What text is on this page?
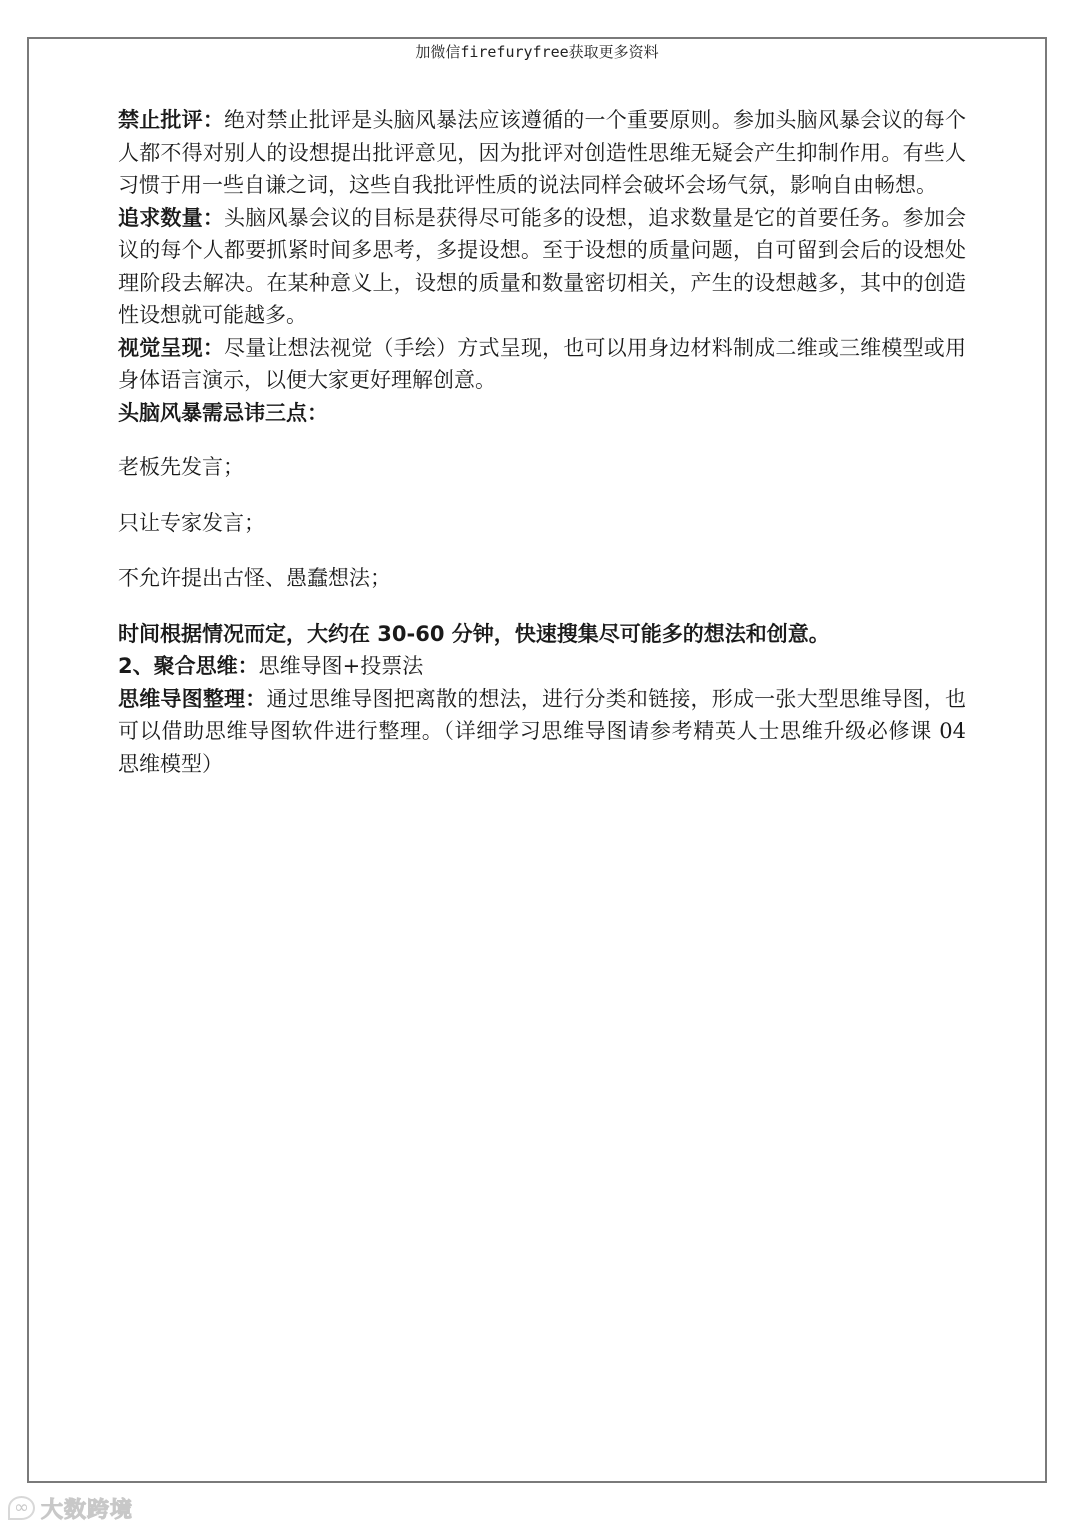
加微信firefuryfree获取更多资料

禁止批评：绝对禁止批评是头脑风暴法应该遵循的一个重要原则。参加头脑风暴会议的每个人都不得对别人的设想提出批评意见，因为批评对创造性思维无疑会产生抑制作用。有些人习惯于用一些自谦之词，这些自我批评性质的说法同样会破坏会场气氛，影响自由畅想。

追求数量：头脑风暴会议的目标是获得尽可能多的设想，追求数量是它的首要任务。参加会议的每个人都要抓紧时间多思考，多提设想。至于设想的质量问题，自可留到会后的设想处理阶段去解决。在某种意义上，设想的质量和数量密切相关，产生的设想越多，其中的创造性设想就可能越多。

视觉呈现：尽量让想法视觉（手绘）方式呈现，也可以用身边材料制成二维或三维模型或用身体语言演示，以便大家更好理解创意。

头脑风暴需忌讳三点：

老板先发言；

只让专家发言；

不允许提出古怪、愚蠢想法；

时间根据情况而定，大约在 30-60 分钟，快速搜集尽可能多的想法和创意。

2、聚合思维：思维导图+投票法

思维导图整理：通过思维导图把离散的想法，进行分类和链接，形成一张大型思维导图，也可以借助思维导图软件进行整理。（详细学习思维导图请参考精英人士思维升级必修课 04 思维模型）

∞ 大数跨境
